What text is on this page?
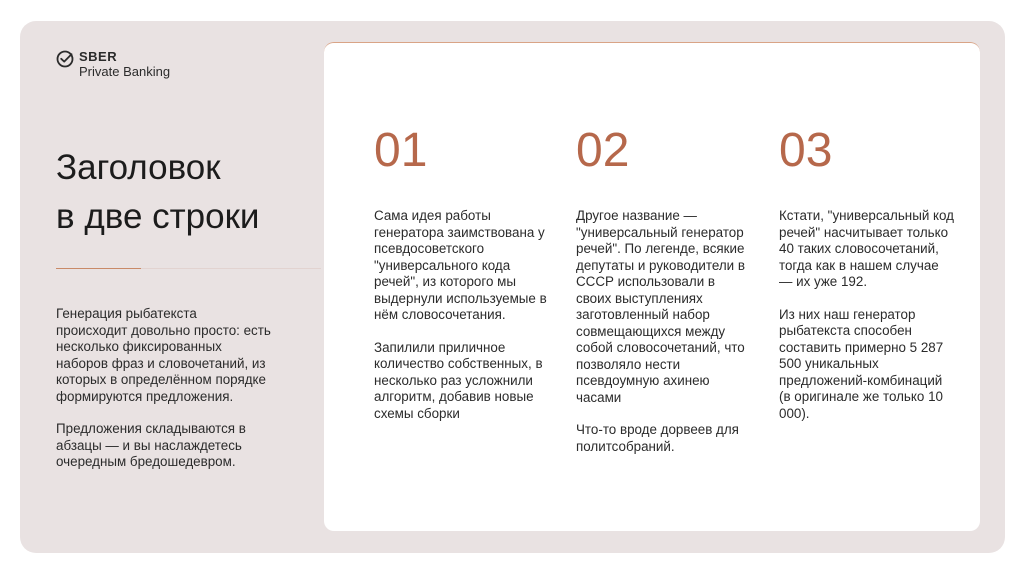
SBER
Private Banking
Заголовок
в две строки

Генерация рыбатекста происходит довольно просто: есть несколько фиксированных наборов фраз и словочетаний, из которых в определённом порядке формируются предложения.

Предложения складываются в абзацы — и вы наслаждетесь очередным бредошедевром.

01

Сама идея работы генератора заимствована у псевдосоветского "универсального кода речей", из которого мы выдернули используемые в нём словосочетания.

Запилили приличное количество собственных, в несколько раз усложнили алгоритм, добавив новые схемы сборки

02

Другое название — "универсальный генератор речей". По легенде, всякие депутаты и руководители в СССР использовали в своих выступлениях заготовленный набор совмещающихся между собой словосочетаний, что позволяло нести псевдоумную ахинею часами

Что-то вроде дорвеев для политсобраний.

03

Кстати, "универсальный код речей" насчитывает только 40 таких словосочетаний, тогда как в нашем случае — их уже 192.

Из них наш генератор рыбатекста способен составить примерно 5 287 500 уникальных предложений-комбинаций (в оригинале же только 10 000).
